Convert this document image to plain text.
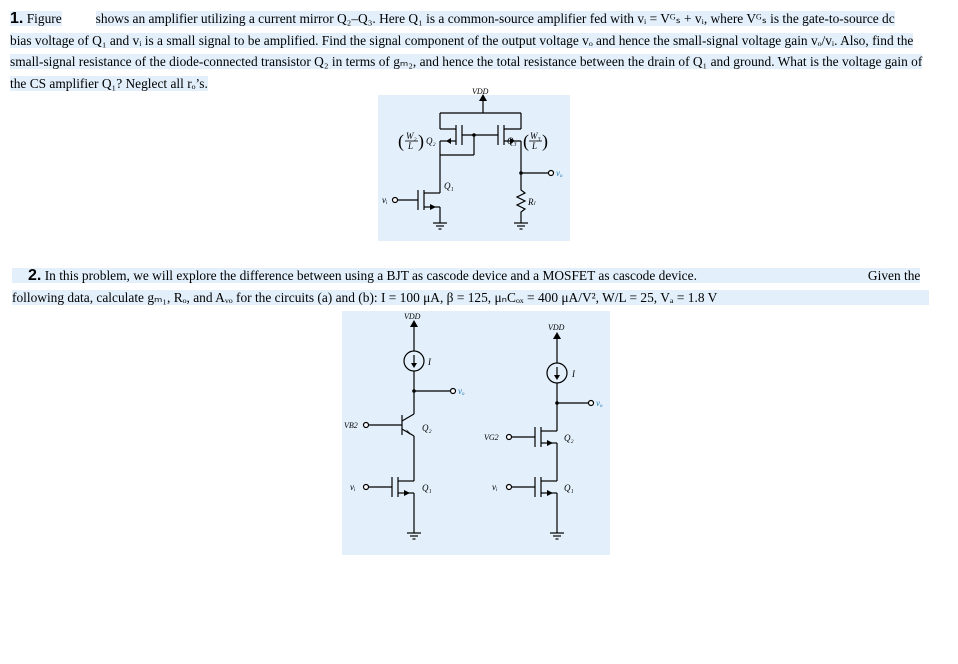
1. Figure	shows an amplifier utilizing a current mirror Q₂–Q₃. Here Q₁ is a common-source amplifier fed with vᵢ = Vᴳₛ + vᵢ, where Vᴳₛ is the gate-to-source dc
bias voltage of Q₁ and vᵢ is a small signal to be amplified. Find the signal component of the output voltage vₒ and hence the small-signal voltage gain vₒ/vᵢ. Also, find the
small-signal resistance of the diode-connected transistor Q₂ in terms of gₘ₂, and hence the total resistance between the drain of Q₁ and ground. What is the voltage gain of
the CS amplifier Q₁? Neglect all rₒ’s.
VDD
W₂
L
( ) Q₂	W₃
L
( )
Q₃
vₒ
vᵢ
Q₁
Rₗ
2. In this problem, we will explore the difference between using a BJT as cascode device and a MOSFET as cascode device.	Given the
following data, calculate gₘ₁, Rₒ, and Aᵥₒ for the circuits (a) and (b): I = 100 μA, β = 125, μₙCₒₓ = 400 μA/V², W/L = 25, Vₐ = 1.8 V
VDD
I
vₒ
VB2	Q₂
vᵢ	Q₁
VDD
I
vₒ
VG2	Q₂
vᵢ	Q₁
